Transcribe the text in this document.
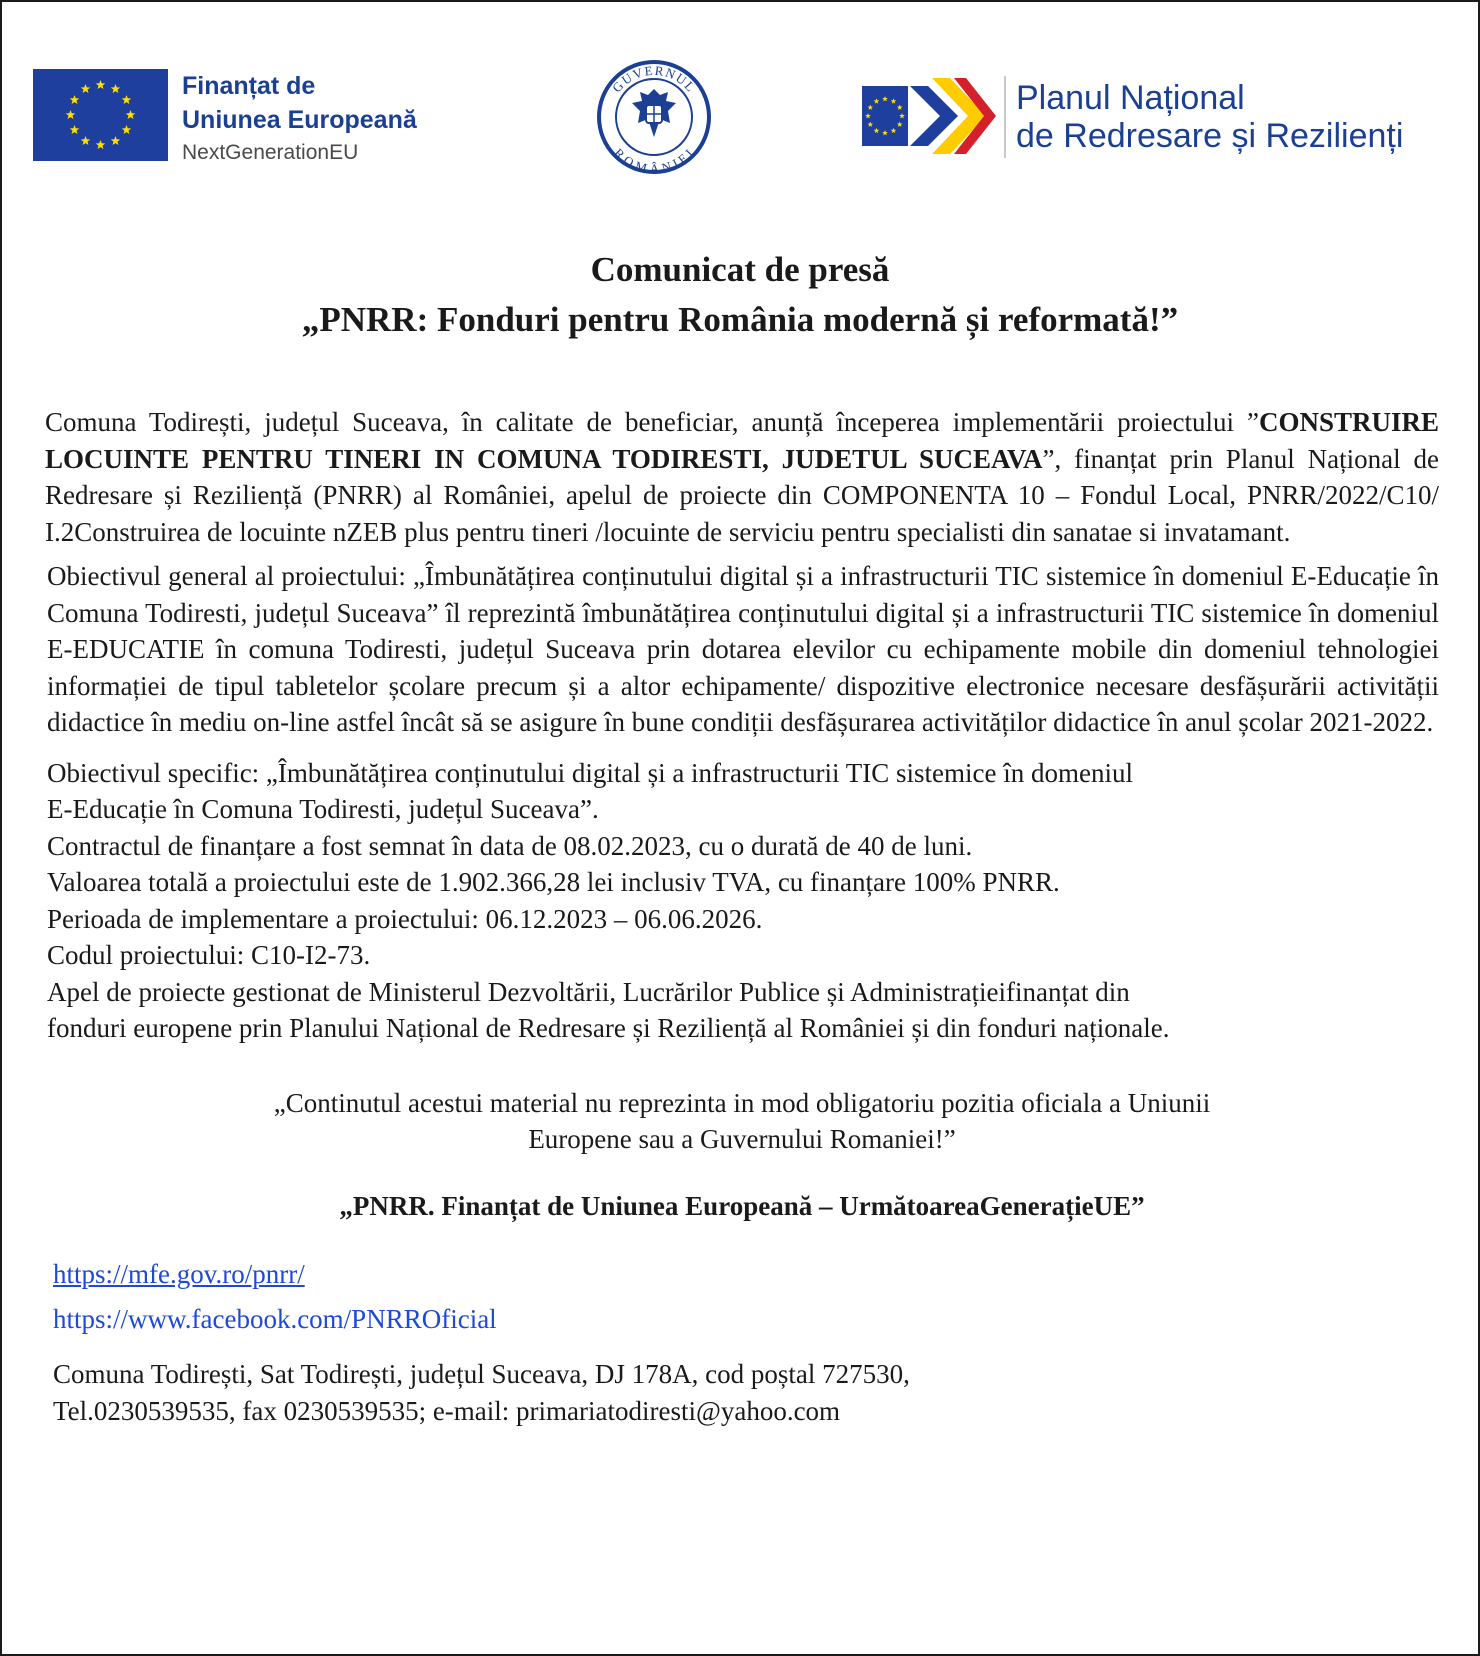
Finanțat de
Uniunea Europeană
NextGenerationEU
GUVERNUL
ROMÂNIEI
Planul Național
de Redresare și Rezilienți
Comunicat de presă
„PNRR: Fonduri pentru România modernă și reformată!”

Comuna Todirești, județul Suceava, în calitate de beneficiar, anunță începerea implementării proiectului ”CONSTRUIRE LOCUINTE PENTRU TINERI IN COMUNA TODIRESTI, JUDETUL SUCEAVA”, finanțat prin Planul Național de Redresare și Reziliență (PNRR) al României, apelul de proiecte din COMPONENTA 10 – Fondul Local, PNRR/2022/C10/ I.2Construirea de locuinte nZEB plus pentru tineri /locuinte de serviciu pentru specialisti din sanatae si invatamant.

Obiectivul general al proiectului: „Îmbunătățirea conținutului digital și a infrastructurii TIC sistemice în domeniul E-Educație în Comuna Todiresti, județul Suceava” îl reprezintă îmbunătățirea conținutului digital și a infrastructurii TIC sistemice în domeniul E-EDUCATIE în comuna Todiresti, județul Suceava prin dotarea elevilor cu echipamente mobile din domeniul tehnologiei informației de tipul tabletelor școlare precum și a altor echipamente/ dispozitive electronice necesare desfășurării activității didactice în mediu on-line astfel încât să se asigure în bune condiții desfășurarea activităților didactice în anul școlar 2021-2022.

Obiectivul specific: „Îmbunătățirea conținutului digital și a infrastructurii TIC sistemice în domeniul
E-Educație în Comuna Todiresti, județul Suceava”.
Contractul de finanțare a fost semnat în data de 08.02.2023, cu o durată de 40 de luni.
Valoarea totală a proiectului este de 1.902.366,28 lei inclusiv TVA, cu finanțare 100% PNRR.
Perioada de implementare a proiectului: 06.12.2023 – 06.06.2026.
Codul proiectului: C10-I2-73.
Apel de proiecte gestionat de Ministerul Dezvoltării, Lucrărilor Publice și Administrațieifinanțat din
fonduri europene prin Planului Național de Redresare și Reziliență al României și din fonduri naționale.
„Continutul acestui material nu reprezinta in mod obligatoriu pozitia oficiala a Uniunii
Europene sau a Guvernului Romaniei!”
„PNRR. Finanțat de Uniunea Europeană – UrmătoareaGenerațieUE”
https://mfe.gov.ro/pnrr/
https://www.facebook.com/PNRROficial
Comuna Todirești, Sat Todirești, județul Suceava, DJ 178A, cod poștal 727530,
Tel.0230539535, fax 0230539535; e-mail: primariatodiresti@yahoo.com
